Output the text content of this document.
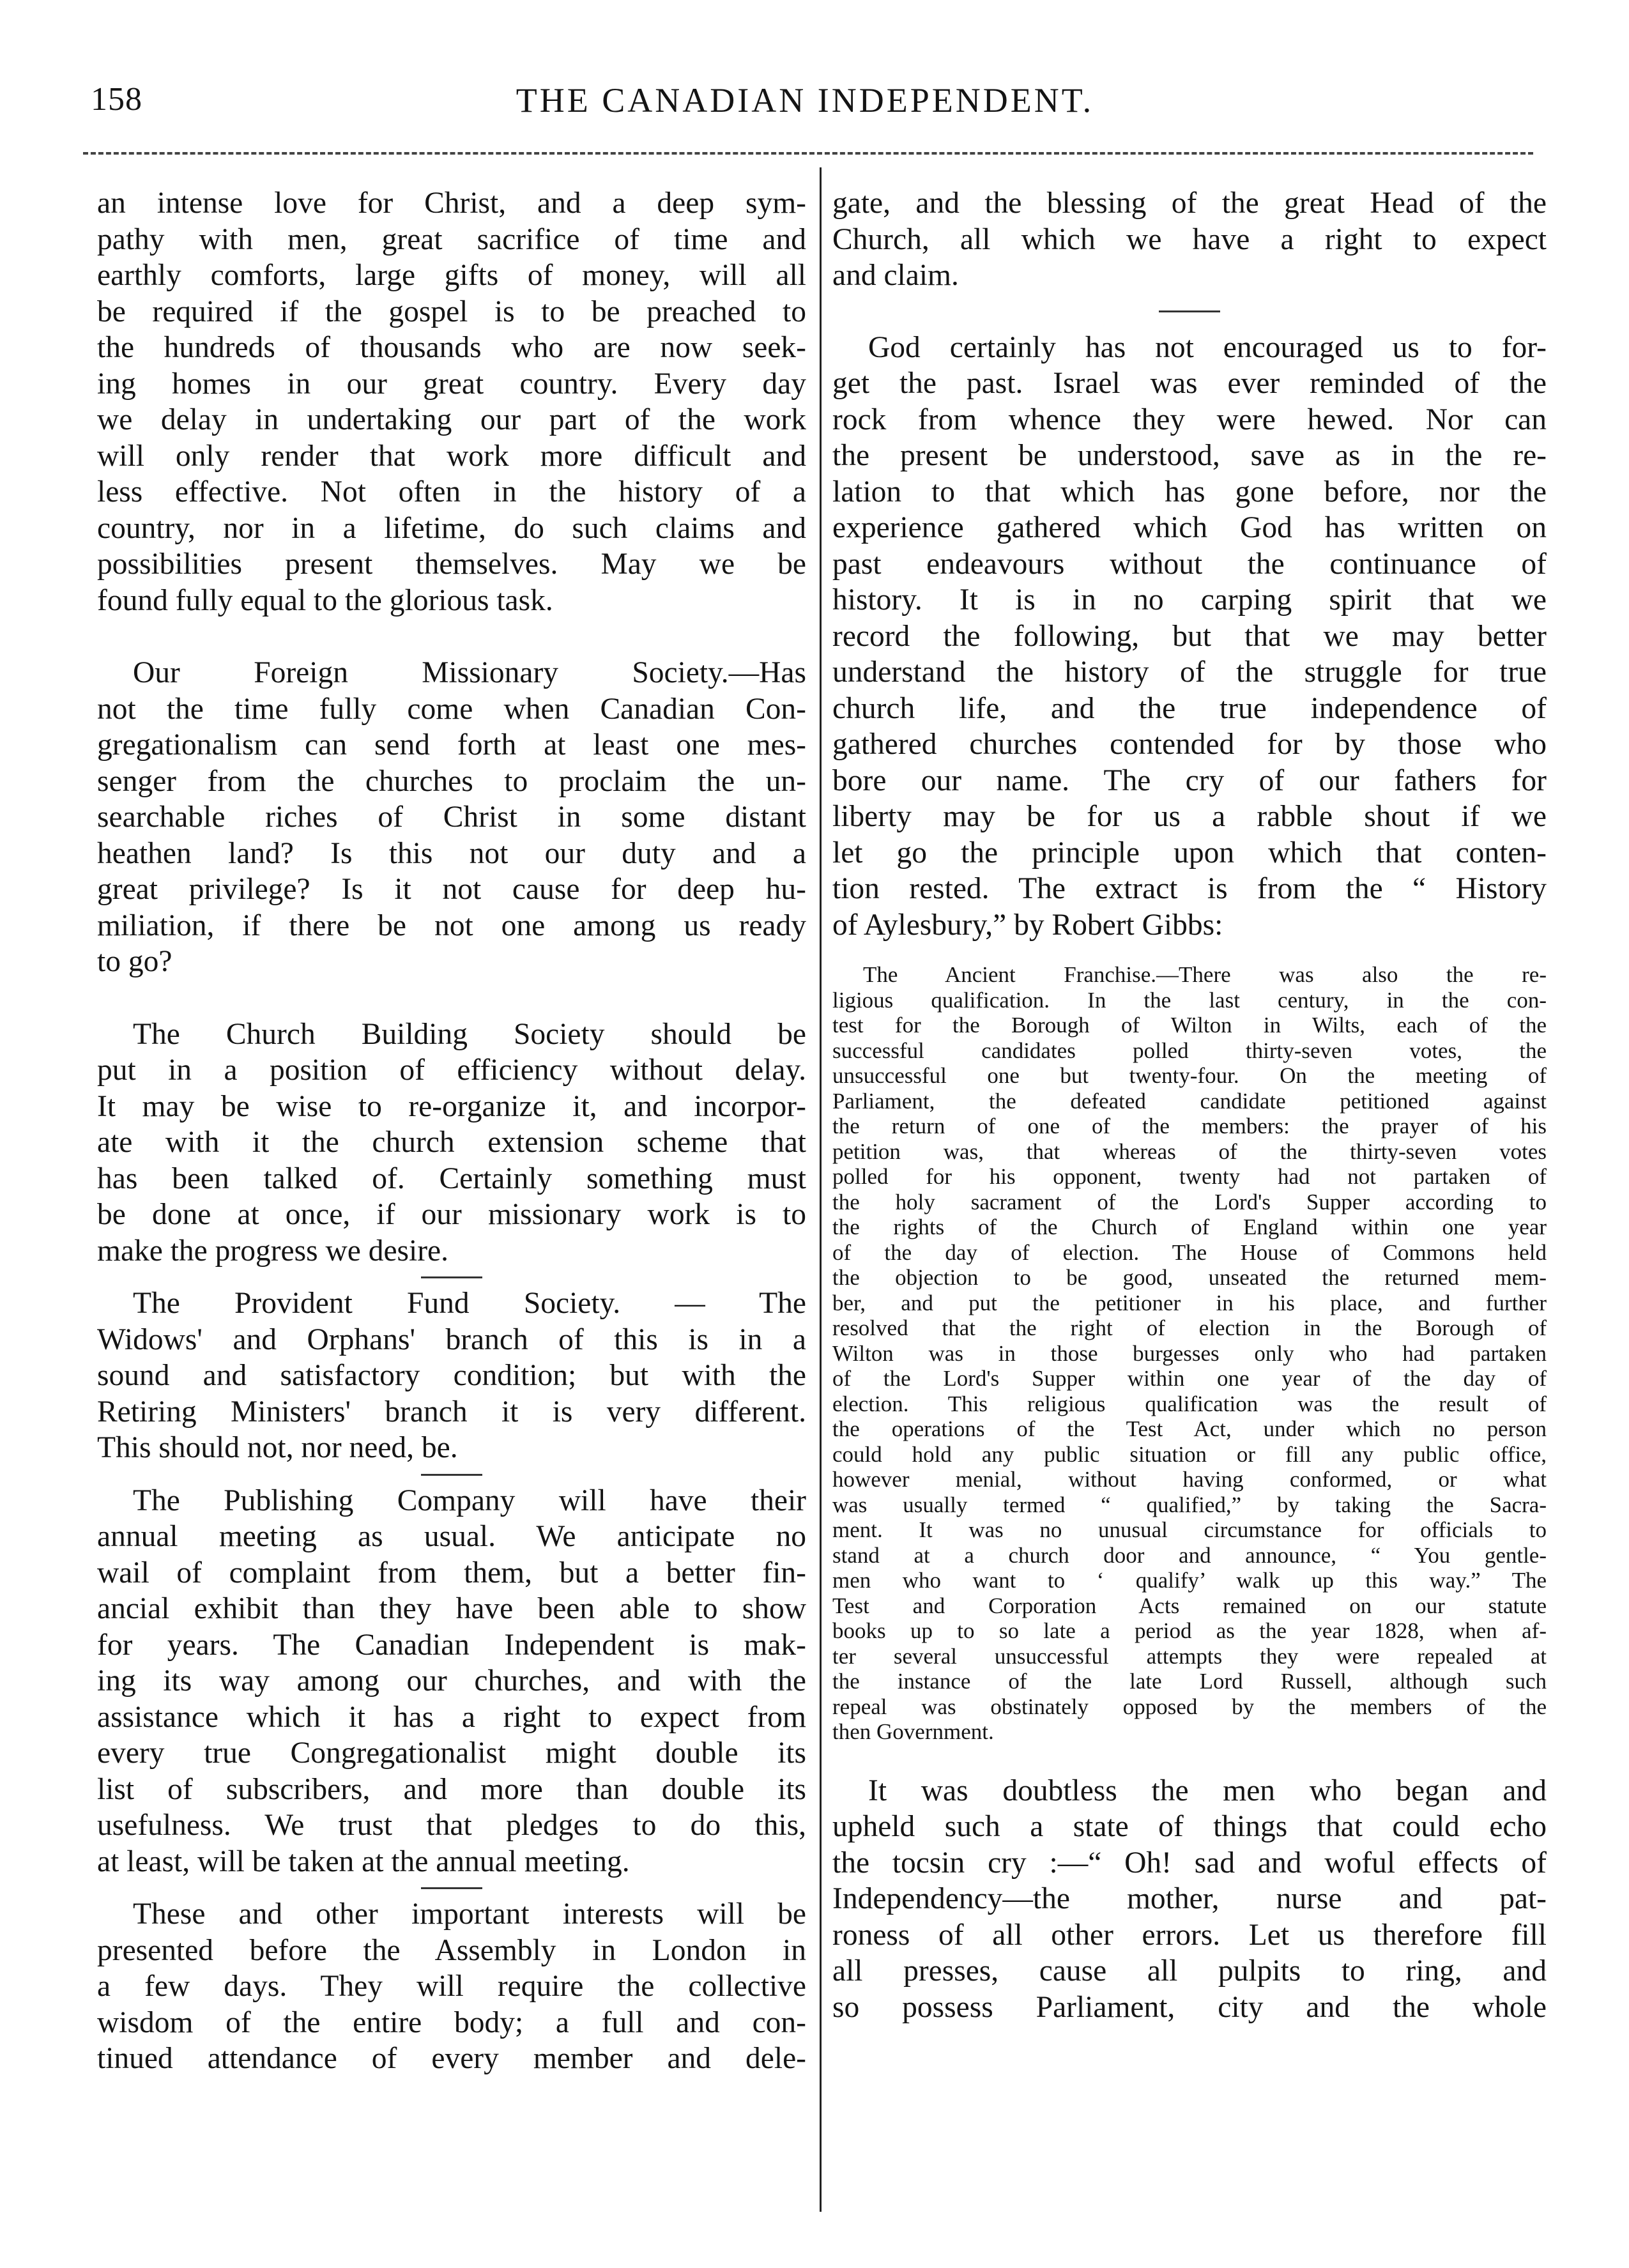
158	THE CANADIAN INDEPENDENT.
an intense love for Christ, and a deep sym-
pathy with men, great sacrifice of time and
earthly comforts, large gifts of money, will all
be required if the gospel is to be preached to
the hundreds of thousands who are now seek-
ing homes in our great country. Every day
we delay in undertaking our part of the work
will only render that work more difficult and
less effective. Not often in the history of a
country, nor in a lifetime, do such claims and
possibilities present themselves. May we be
found fully equal to the glorious task.
Our Foreign Missionary Society.—Has
not the time fully come when Canadian Con-
gregationalism can send forth at least one mes-
senger from the churches to proclaim the un-
searchable riches of Christ in some distant
heathen land? Is this not our duty and a
great privilege? Is it not cause for deep hu-
miliation, if there be not one among us ready
to go?
The Church Building Society should be
put in a position of efficiency without delay.
It may be wise to re-organize it, and incorpor-
ate with it the church extension scheme that
has been talked of. Certainly something must
be done at once, if our missionary work is to
make the progress we desire.
The Provident Fund Society. — The
Widows' and Orphans' branch of this is in a
sound and satisfactory condition; but with the
Retiring Ministers' branch it is very different.
This should not, nor need, be.
The Publishing Company will have their
annual meeting as usual. We anticipate no
wail of complaint from them, but a better fin-
ancial exhibit than they have been able to show
for years. The Canadian Independent is mak-
ing its way among our churches, and with the
assistance which it has a right to expect from
every true Congregationalist might double its
list of subscribers, and more than double its
usefulness. We trust that pledges to do this,
at least, will be taken at the annual meeting.
These and other important interests will be
presented before the Assembly in London in
a few days. They will require the collective
wisdom of the entire body; a full and con-
tinued attendance of every member and dele-
gate, and the blessing of the great Head of the
Church, all which we have a right to expect
and claim.
God certainly has not encouraged us to for-
get the past. Israel was ever reminded of the
rock from whence they were hewed. Nor can
the present be understood, save as in the re-
lation to that which has gone before, nor the
experience gathered which God has written on
past endeavours without the continuance of
history. It is in no carping spirit that we
record the following, but that we may better
understand the history of the struggle for true
church life, and the true independence of
gathered churches contended for by those who
bore our name. The cry of our fathers for
liberty may be for us a rabble shout if we
let go the principle upon which that conten-
tion rested. The extract is from the “ History
of Aylesbury,” by Robert Gibbs:
The Ancient Franchise.—There was also the re-
ligious qualification. In the last century, in the con-
test for the Borough of Wilton in Wilts, each of the
successful candidates polled thirty-seven votes, the
unsuccessful one but twenty-four. On the meeting of
Parliament, the defeated candidate petitioned against
the return of one of the members: the prayer of his
petition was, that whereas of the thirty-seven votes
polled for his opponent, twenty had not partaken of
the holy sacrament of the Lord's Supper according to
the rights of the Church of England within one year
of the day of election. The House of Commons held
the objection to be good, unseated the returned mem-
ber, and put the petitioner in his place, and further
resolved that the right of election in the Borough of
Wilton was in those burgesses only who had partaken
of the Lord's Supper within one year of the day of
election. This religious qualification was the result of
the operations of the Test Act, under which no person
could hold any public situation or fill any public office,
however menial, without having conformed, or what
was usually termed “ qualified,” by taking the Sacra-
ment. It was no unusual circumstance for officials to
stand at a church door and announce, “ You gentle-
men who want to ‘ qualify’ walk up this way.” The
Test and Corporation Acts remained on our statute
books up to so late a period as the year 1828, when af-
ter several unsuccessful attempts they were repealed at
the instance of the late Lord Russell, although such
repeal was obstinately opposed by the members of the
then Government.
It was doubtless the men who began and
upheld such a state of things that could echo
the tocsin cry :—“ Oh! sad and woful effects of
Independency—the mother, nurse and pat-
roness of all other errors. Let us therefore fill
all presses, cause all pulpits to ring, and
so possess Parliament, city and the whole
